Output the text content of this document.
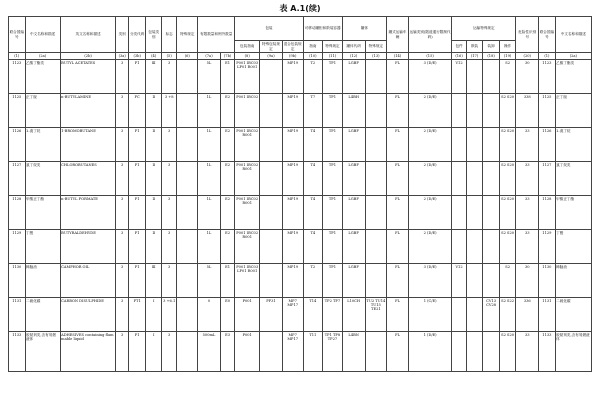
表 A.1(续)
联合国编号	中文名称和描述	英文名称和描述	类别	分类代码	包装类别	标志	特殊规定	有限数量和例外数量		包装			可移动罐柜和散装容器		罐体		罐式运输车辆	运输类别(隧道通行限制代码)	运输特殊规定				危险性识别号	联合国编号	中文名称和描述
										包装指南	特殊包装规定	混合包装规定	指南	特殊规定	罐体代码	特殊规定			包件	散装	装卸	操作			
(1)	(2a)	(2b)	(3a)	(3b)	(4)	(5)	(6)	(7a)	(7b)	(8)	(9a)	(9b)	(10)	(11)	(12)	(13)	(14)	(15)	(16)	(17)	(18)	(19)	(20)	(1)	(2a)
1123	乙酸丁酯类	BUTYL ACETATES	3	F1	Ⅲ	3		5L	E1	P001 IBC03 LP01 R001		MP19	T2	TP1	LGBF		FL	3 (D/E)	V12			S2	30	1123	乙酸丁酯类
1125	正丁胺	n-BUTYLAMINE	3	FC	Ⅱ	3 +8		1L	E2	P001 IBC02		MP19	T7	TP1	L4BH		FL	2 (D/E)				S2 S20	338	1125	正丁胺
1126	1-溴丁烷	1-BROMOBUTANE	3	F1	Ⅱ	3		1L	E2	P001 IBC02 R001		MP19	T4	TP1	LGBF		FL	2 (D/E)				S2 S20	33	1126	1-溴丁烷
1127	氯丁烷类	CHLOROBUTANES	3	F1	Ⅱ	3		1L	E2	P001 IBC02 R001		MP19	T4	TP1	LGBF		FL	2 (D/E)				S2 S20	33	1127	氯丁烷类
1128	甲酸正丁酯	n-BUTYL FORMATE	3	F1	Ⅱ	3		1L	E2	P001 IBC02 R001		MP19	T4	TP1	LGBF		FL	2 (D/E)				S2 S20	33	1128	甲酸正丁酯
1129	丁醛	BUTYRALDEHYDE	3	F1	Ⅱ	3		1L	E2	P001 IBC02 R001		MP19	T4	TP1	LGBF		FL	2 (D/E)				S2 S20	33	1129	丁醛
1130	樟脑油	CAMPHOR OIL	3	F1	Ⅲ	3		5L	E1	P001 IBC03 LP01 R001		MP19	T2	TP1	LGBF		FL	3 (D/E)	V12			S2	30	1130	樟脑油
1131	二硫化碳	CARBON DISULPHIDE	3	FT1	Ⅰ	3 +6.1		0	E0	P001	PP31	MP7 MP17	T14	TP2 TP7	L10CH	TU2 TU14 TU15 TE21	FL	1 (C/E)			CV13 CV28	S2 S22	336	1131	二硫化碳
1133	胶黏剂类,含有易燃液体	ADHESIVES containing flammable liquid	3	F1	Ⅰ	3		500mL	E3	P001		MP7 MP17	T11	TP1 TP8 TP27	L4BN		FL	1 (D/E)				S2 S20	33	1133	胶黏剂类,含有易燃液体
